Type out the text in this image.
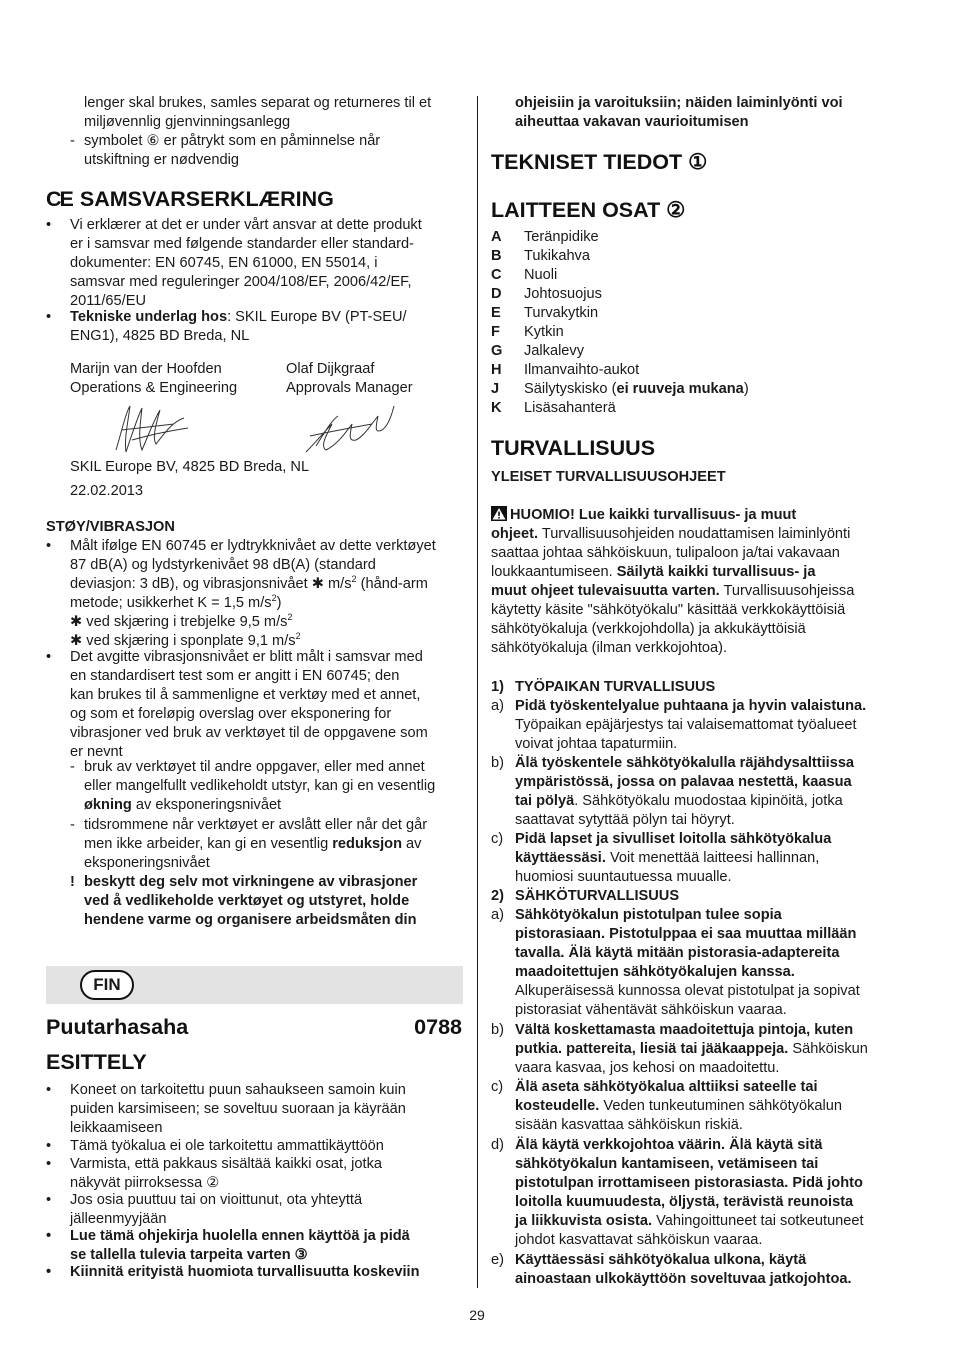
lenger skal brukes, samles separat og returneres til et
miljøvennlig gjenvinningsanlegg
- symbolet ⑥ er påtrykt som en påminnelse når
utskiftning er nødvendig
CE SAMSVARSERKLÆRING
• Vi erklærer at det er under vårt ansvar at dette produkt
er i samsvar med følgende standarder eller standard-
dokumenter: EN 60745, EN 61000, EN 55014, i
samsvar med reguleringer 2004/108/EF, 2006/42/EF,
2011/65/EU
• Tekniske underlag hos: SKIL Europe BV (PT-SEU/
ENG1), 4825 BD Breda, NL
Marijn van der Hoofden
Operations & Engineering
Olaf Dijkgraaf
Approvals Manager
SKIL Europe BV, 4825 BD Breda, NL
22.02.2013
STØY/VIBRASJON
• Målt ifølge EN 60745 er lydtrykknivået av dette verktøyet
87 dB(A) og lydstyrkenivået 98 dB(A) (standard
deviasjon: 3 dB), og vibrasjonsnivået ✱ $m/s^2$ (hånd-arm
metode; usikkerhet K = 1,5 $m/s^2$)
✱ ved skjæring i trebjelke 9,5 $m/s^2$
✱ ved skjæring i sponplate 9,1 $m/s^2$
• Det avgitte vibrasjonsnivået er blitt målt i samsvar med
en standardisert test som er angitt i EN 60745; den
kan brukes til å sammenligne et verktøy med et annet,
og som et foreløpig overslag over eksponering for
vibrasjoner ved bruk av verktøyet til de oppgavene som
er nevnt
- bruk av verktøyet til andre oppgaver, eller med annet
eller mangelfullt vedlikeholdt utstyr, kan gi en vesentlig
økning av eksponeringsnivået
- tidsrommene når verktøyet er avslått eller når det går
men ikke arbeider, kan gi en vesentlig reduksjon av
eksponeringsnivået
! beskytt deg selv mot virkningene av vibrasjoner
ved å vedlikeholde verktøyet og utstyret, holde
hendene varme og organisere arbeidsmåten din
Puutarhasaha	0788
ESITTELY
• Koneet on tarkoitettu puun sahaukseen samoin kuin
puiden karsimiseen; se soveltuu suoraan ja käyrään
leikkaamiseen
• Tämä työkalua ei ole tarkoitettu ammattikäyttöön
• Varmista, että pakkaus sisältää kaikki osat, jotka
näkyvät piirroksessa ②
• Jos osia puuttuu tai on vioittunut, ota yhteyttä
jälleenmyyjään
• Lue tämä ohjekirja huolella ennen käyttöä ja pidä
se tallella tulevia tarpeita varten ③
• Kiinnitä erityistä huomiota turvallisuutta koskeviin
FIN
ohjeisiin ja varoituksiin; näiden laiminlyönti voi
aiheuttaa vakavan vaurioitumisen
TEKNISET TIEDOT ①
LAITTEEN OSAT ②
A Teränpidike
B Tukikahva
C Nuoli
D Johtosuojus
E Turvakytkin
F Kytkin
G Jalkalevy
H Ilmanvaihto-aukot
J Säilytyskisko (ei ruuveja mukana)
K Lisäsahanterä
TURVALLISUUS
YLEISET TURVALLISUUSOHJEET
HUOMIO! Lue kaikki turvallisuus- ja muut
ohjeet. Turvallisuusohjeiden noudattamisen laiminlyönti
saattaa johtaa sähköiskuun, tulipaloon ja/tai vakavaan
loukkaantumiseen. Säilytä kaikki turvallisuus- ja
muut ohjeet tulevaisuutta varten. Turvallisuusohjeissa
käytetty käsite "sähkötyökalu" käsittää verkkokäyttöisiä
sähkötyökaluja (verkkojohdolla) ja akkukäyttöisiä
sähkötyökaluja (ilman verkkojohtoa).
1) TYÖPAIKAN TURVALLISUUS
a) Pidä työskentelyalue puhtaana ja hyvin valaistuna.
Työpaikan epäjärjestys tai valaisemattomat työalueet
voivat johtaa tapaturmiin.
b) Älä työskentele sähkötyökalulla räjähdysalttiissa
ympäristössä, jossa on palavaa nestettä, kaasua
tai pölyä. Sähkötyökalu muodostaa kipinöitä, jotka
saattavat sytyttää pölyn tai höyryt.
c) Pidä lapset ja sivulliset loitolla sähkötyökalua
käyttäessäsi. Voit menettää laitteesi hallinnan,
huomiosi suuntautuessa muualle.
2) SÄHKÖTURVALLISUUS
a) Sähkötyökalun pistotulpan tulee sopia
pistorasiaan. Pistotulppaa ei saa muuttaa millään
tavalla. Älä käytä mitään pistorasia-adaptereita
maadoitettujen sähkötyökalujen kanssa.
Alkuperäisessä kunnossa olevat pistotulpat ja sopivat
pistorasiat vähentävät sähköiskun vaaraa.
b) Vältä koskettamasta maadoitettuja pintoja, kuten
putkia. pattereita, liesiä tai jääkaappeja. Sähköiskun
vaara kasvaa, jos kehosi on maadoitettu.
c) Älä aseta sähkötyökalua alttiiksi sateelle tai
kosteudelle. Veden tunkeutuminen sähkötyökalun
sisään kasvattaa sähköiskun riskiä.
d) Älä käytä verkkojohtoa väärin. Älä käytä sitä
sähkötyökalun kantamiseen, vetämiseen tai
pistotulpan irrottamiseen pistorasiasta. Pidä johto
loitolla kuumuudesta, öljystä, terävistä reunoista
ja liikkuvista osista. Vahingoittuneet tai sotkeutuneet
johdot kasvattavat sähköiskun vaaraa.
e) Käyttäessäsi sähkötyökalua ulkona, käytä
ainoastaan ulkokäyttöön soveltuvaa jatkojohtoa.
29
